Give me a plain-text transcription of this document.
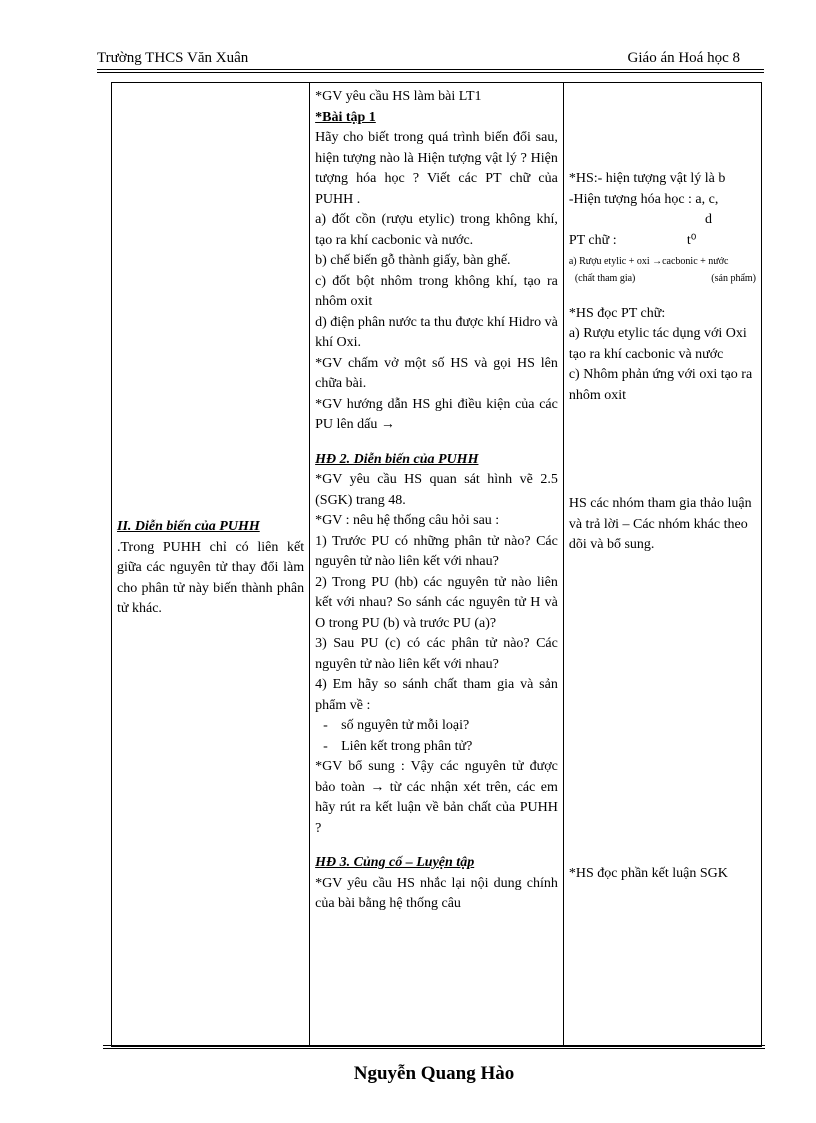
Trường THCS Văn Xuân	Giáo án Hoá học 8
II. Diễn biến của PUHH
.Trong PUHH chỉ có liên kết giữa các nguyên tử thay đổi làm cho phân tử này biến thành phân tử khác.

*GV yêu cầu HS làm bài LT1
*Bài tập 1
Hãy cho biết trong quá trình biến đổi sau, hiện tượng nào là Hiện tượng vật lý ? Hiện tượng hóa học ? Viết các PT chữ của PUHH .
a) đốt cồn (rượu etylic) trong không khí, tạo ra khí cacbonic và nước.
b) chế biến gỗ thành giấy, bàn ghế.
c) đốt bột nhôm trong không khí, tạo ra nhôm oxit
d) điện phân nước ta thu được khí Hidro và khí Oxi.
*GV chấm vở một số HS và gọi HS lên chữa bài.
*GV hướng dẫn HS ghi điều kiện của các PU lên dấu →
HĐ 2. Diễn biến của PUHH
*GV yêu cầu HS quan sát hình vẽ 2.5 (SGK) trang 48.
*GV : nêu hệ thống câu hỏi sau :
1) Trước PU có những phân tử nào? Các nguyên tử nào liên kết với nhau?
2) Trong PU (hb) các nguyên tử nào liên kết với nhau? So sánh các nguyên tử H và O trong PU (b) và trước PU (a)?
3) Sau PU (c) có các phân tử nào? Các nguyên tử nào liên kết với nhau?
4) Em hãy so sánh chất tham gia và sản phẩm về :
- số nguyên tử mỗi loại?
- Liên kết trong phân tử?
*GV bổ sung : Vậy các nguyên tử được bảo toàn → từ các nhận xét trên, các em hãy rút ra kết luận về bản chất của PUHH ?
HĐ 3. Củng cố – Luyện tập
*GV yêu cầu HS nhắc lại nội dung chính của bài bằng hệ thống câu

*HS:- hiện tượng vật lý là b
-Hiện tượng hóa học : a, c,
d
PT chữ :	t⁰
a) Rượu etylic + oxi →cacbonic + nước
(chất tham gia)	(sản phẩm)
*HS đọc PT chữ:
a) Rượu etylic tác dụng với Oxi tạo ra khí cacbonic và nước
c) Nhôm phản ứng với oxi tạo ra nhôm oxit
HS các nhóm tham gia thảo luận và trả lời – Các nhóm khác theo dõi và bổ sung.
*HS đọc phần kết luận SGK
Nguyễn Quang Hào
